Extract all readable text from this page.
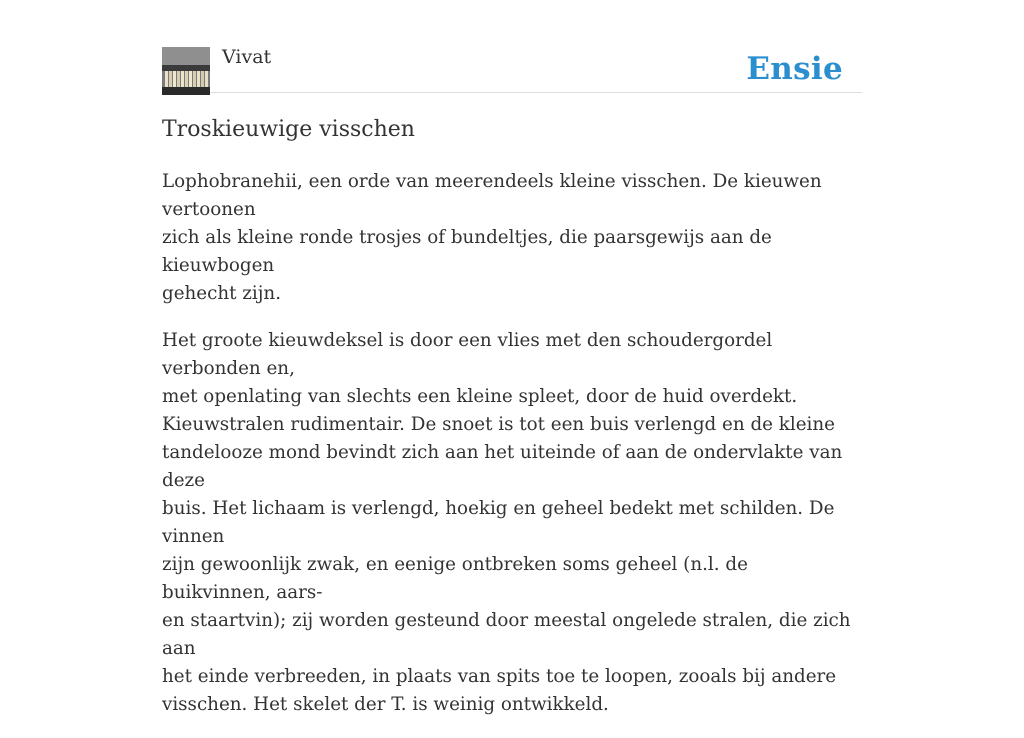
Vivat	Ensie
Troskieuwige visschen

Lophobranehii, een orde van meerendeels kleine visschen. De kieuwen vertoonen
zich als kleine ronde trosjes of bundeltjes, die paarsgewijs aan de kieuwbogen
gehecht zijn.

Het groote kieuwdeksel is door een vlies met den schoudergordel verbonden en,
met openlating van slechts een kleine spleet, door de huid overdekt.
Kieuwstralen rudimentair. De snoet is tot een buis verlengd en de kleine
tandelooze mond bevindt zich aan het uiteinde of aan de ondervlakte van deze
buis. Het lichaam is verlengd, hoekig en geheel bedekt met schilden. De vinnen
zijn gewoonlijk zwak, en eenige ontbreken soms geheel (n.l. de buikvinnen, aars-
en staartvin); zij worden gesteund door meestal ongelede stralen, die zich aan
het einde verbreeden, in plaats van spits toe te loopen, zooals bij andere
visschen. Het skelet der T. is weinig ontwikkeld.
